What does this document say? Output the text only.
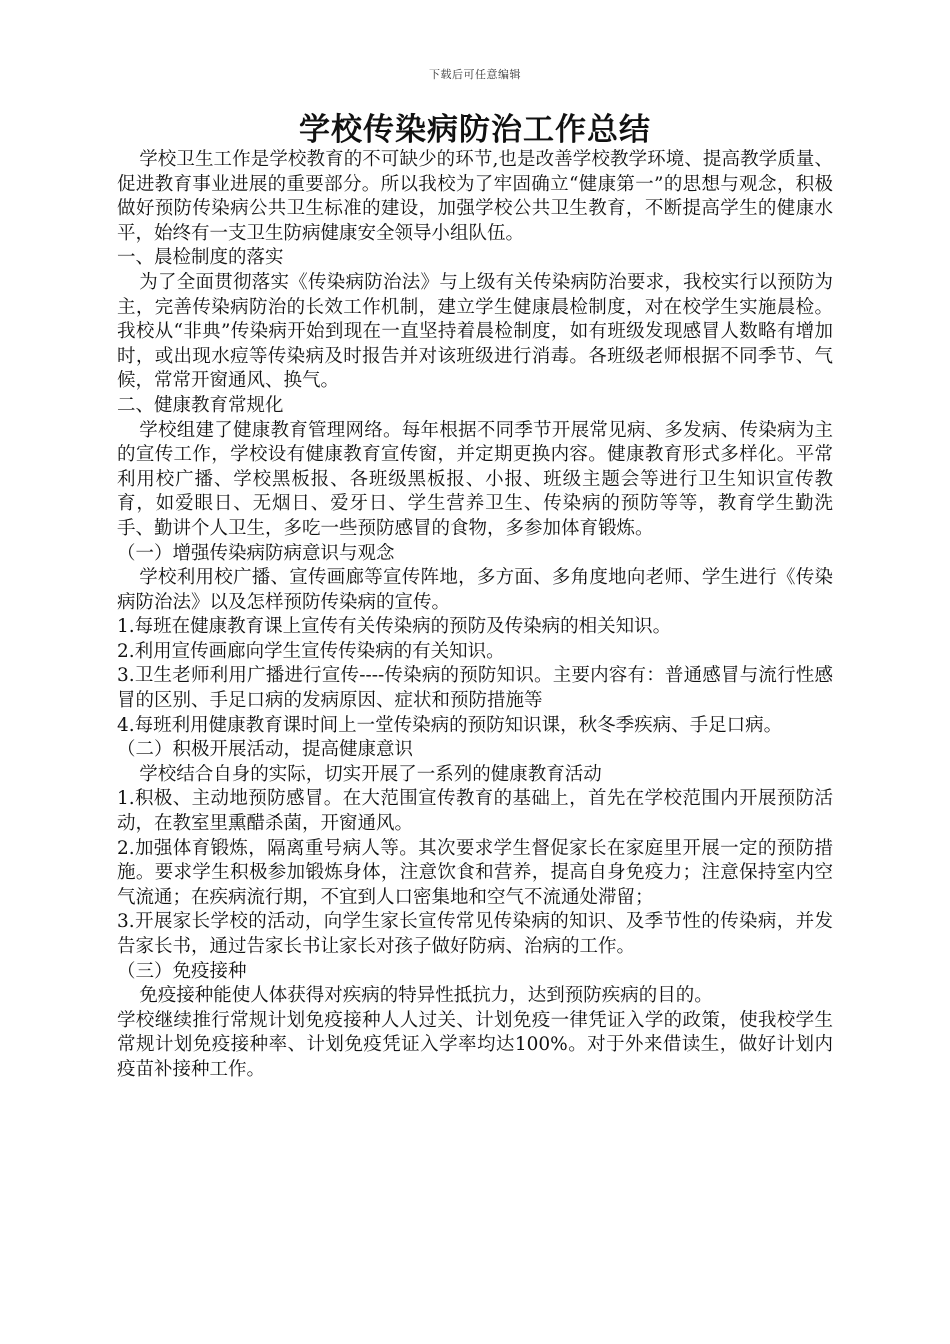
下载后可任意编辑
学校传染病防治工作总结

学校卫生工作是学校教育的不可缺少的环节,也是改善学校教学环境、提高教学质量、促进教育事业进展的重要部分。所以我校为了牢固确立“健康第一”的思想与观念，积极做好预防传染病公共卫生标准的建设，加强学校公共卫生教育，不断提高学生的健康水平，始终有一支卫生防病健康安全领导小组队伍。

一、晨检制度的落实

为了全面贯彻落实《传染病防治法》与上级有关传染病防治要求，我校实行以预防为主，完善传染病防治的长效工作机制，建立学生健康晨检制度，对在校学生实施晨检。我校从“非典”传染病开始到现在一直坚持着晨检制度，如有班级发现感冒人数略有增加时，或出现水痘等传染病及时报告并对该班级进行消毒。各班级老师根据不同季节、气候，常常开窗通风、换气。

二、健康教育常规化

学校组建了健康教育管理网络。每年根据不同季节开展常见病、多发病、传染病为主的宣传工作，学校设有健康教育宣传窗，并定期更换内容。健康教育形式多样化。平常利用校广播、学校黑板报、各班级黑板报、小报、班级主题会等进行卫生知识宣传教育，如爱眼日、无烟日、爱牙日、学生营养卫生、传染病的预防等等，教育学生勤洗手、勤讲个人卫生，多吃一些预防感冒的食物，多参加体育锻炼。

（一）增强传染病防病意识与观念

学校利用校广播、宣传画廊等宣传阵地，多方面、多角度地向老师、学生进行《传染病防治法》以及怎样预防传染病的宣传。

1.每班在健康教育课上宣传有关传染病的预防及传染病的相关知识。

2.利用宣传画廊向学生宣传传染病的有关知识。

3.卫生老师利用广播进行宣传----传染病的预防知识。主要内容有：普通感冒与流行性感冒的区别、手足口病的发病原因、症状和预防措施等

4.每班利用健康教育课时间上一堂传染病的预防知识课，秋冬季疾病、手足口病。

（二）积极开展活动，提高健康意识

学校结合自身的实际，切实开展了一系列的健康教育活动

1.积极、主动地预防感冒。在大范围宣传教育的基础上，首先在学校范围内开展预防活动，在教室里熏醋杀菌，开窗通风。

2.加强体育锻炼，隔离重号病人等。其次要求学生督促家长在家庭里开展一定的预防措施。要求学生积极参加锻炼身体，注意饮食和营养，提高自身免疫力；注意保持室内空气流通；在疾病流行期，不宜到人口密集地和空气不流通处滞留；

3.开展家长学校的活动，向学生家长宣传常见传染病的知识、及季节性的传染病，并发告家长书，通过告家长书让家长对孩子做好防病、治病的工作。

（三）免疫接种

免疫接种能使人体获得对疾病的特异性抵抗力，达到预防疾病的目的。

学校继续推行常规计划免疫接种人人过关、计划免疫一律凭证入学的政策，使我校学生常规计划免疫接种率、计划免疫凭证入学率均达100%。对于外来借读生，做好计划内疫苗补接种工作。
